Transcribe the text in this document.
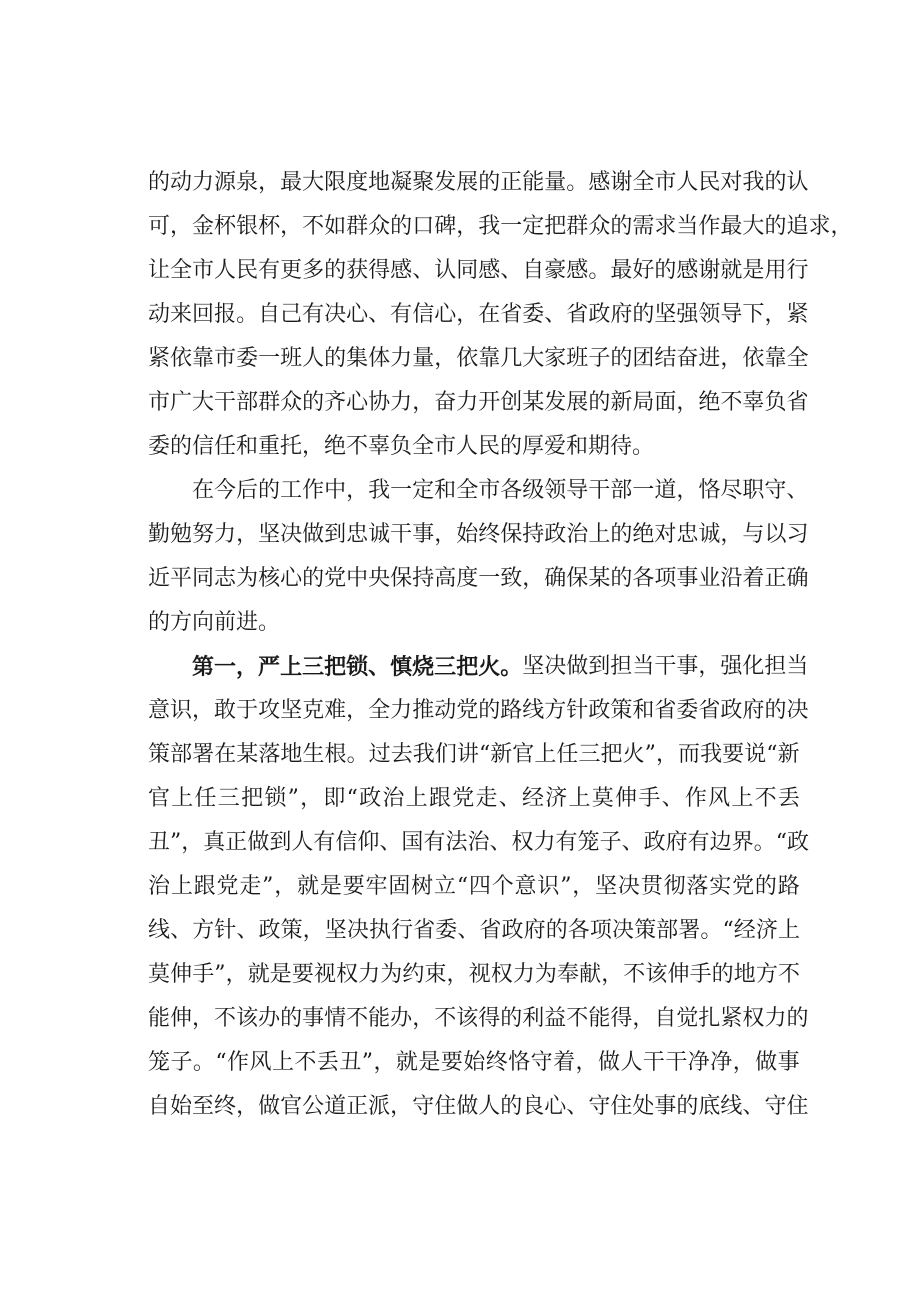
的 动 力 源 泉 ， 最 大 限 度 地 凝 聚 发 展 的 正 能 量 。 感 谢 全 市 人 民 对 我 的 认
可 ， 金 杯 银 杯 ， 不 如 群 众 的 口 碑 ， 我 一 定 把 群 众 的 需 求 当 作 最 大 的 追 求 ，
让 全 市 人 民 有 更 多 的 获 得 感 、 认 同 感 、 自 豪 感 。 最 好 的 感 谢 就 是 用 行
动 来 回 报 。 自 己 有 决 心 、 有 信 心 ， 在 省 委 、 省 政 府 的 坚 强 领 导 下 ， 紧
紧 依 靠 市 委 一 班 人 的 集 体 力 量 ， 依 靠 几 大 家 班 子 的 团 结 奋 进 ， 依 靠 全
市 广 大 干 部 群 众 的 齐 心 协 力 ， 奋 力 开 创 某 发 展 的 新 局 面 ， 绝 不 辜 负 省
委的信任和重托，绝不辜负全市人民的厚爱和期待。
在 今 后 的 工 作 中 ， 我 一 定 和 全 市 各 级 领 导 干 部 一 道 ， 恪 尽 职 守 、
勤 勉 努 力 ， 坚 决 做 到 忠 诚 干 事 ， 始 终 保 持 政 治 上 的 绝 对 忠 诚 ， 与 以 习
近 平 同 志 为 核 心 的 党 中 央 保 持 高 度 一 致 ， 确 保 某 的 各 项 事 业 沿 着 正 确
的方向前进。
第 一 ， 严 上 三 把 锁 、 慎 烧 三 把 火 。 坚 决 做 到 担 当 干 事 ， 强 化 担 当
意 识 ， 敢 于 攻 坚 克 难 ， 全 力 推 动 党 的 路 线 方 针 政 策 和 省 委 省 政 府 的 决
策 部 署 在 某 落 地 生 根 。 过 去 我 们 讲 “ 新 官 上 任 三 把 火 ” ， 而 我 要 说 “ 新
官 上 任 三 把 锁 ” ， 即 “ 政 治 上 跟 党 走 、 经 济 上 莫 伸 手 、 作 风 上 不 丢
丑 ” ， 真 正 做 到 人 有 信 仰 、 国 有 法 治 、 权 力 有 笼 子 、 政 府 有 边 界 。 “ 政
治 上 跟 党 走 ” ， 就 是 要 牢 固 树 立 “ 四 个 意 识 ” ， 坚 决 贯 彻 落 实 党 的 路
线 、 方 针 、 政 策 ， 坚 决 执 行 省 委 、 省 政 府 的 各 项 决 策 部 署 。 “ 经 济 上
莫 伸 手 ” ， 就 是 要 视 权 力 为 约 束 ， 视 权 力 为 奉 献 ， 不 该 伸 手 的 地 方 不
能 伸 ， 不 该 办 的 事 情 不 能 办 ， 不 该 得 的 利 益 不 能 得 ， 自 觉 扎 紧 权 力 的
笼 子 。 “ 作 风 上 不 丢 丑 ” ， 就 是 要 始 终 恪 守 着 ， 做 人 干 干 净 净 ， 做 事
自 始 至 终 ， 做 官 公 道 正 派 ， 守 住 做 人 的 良 心 、 守 住 处 事 的 底 线 、 守 住
